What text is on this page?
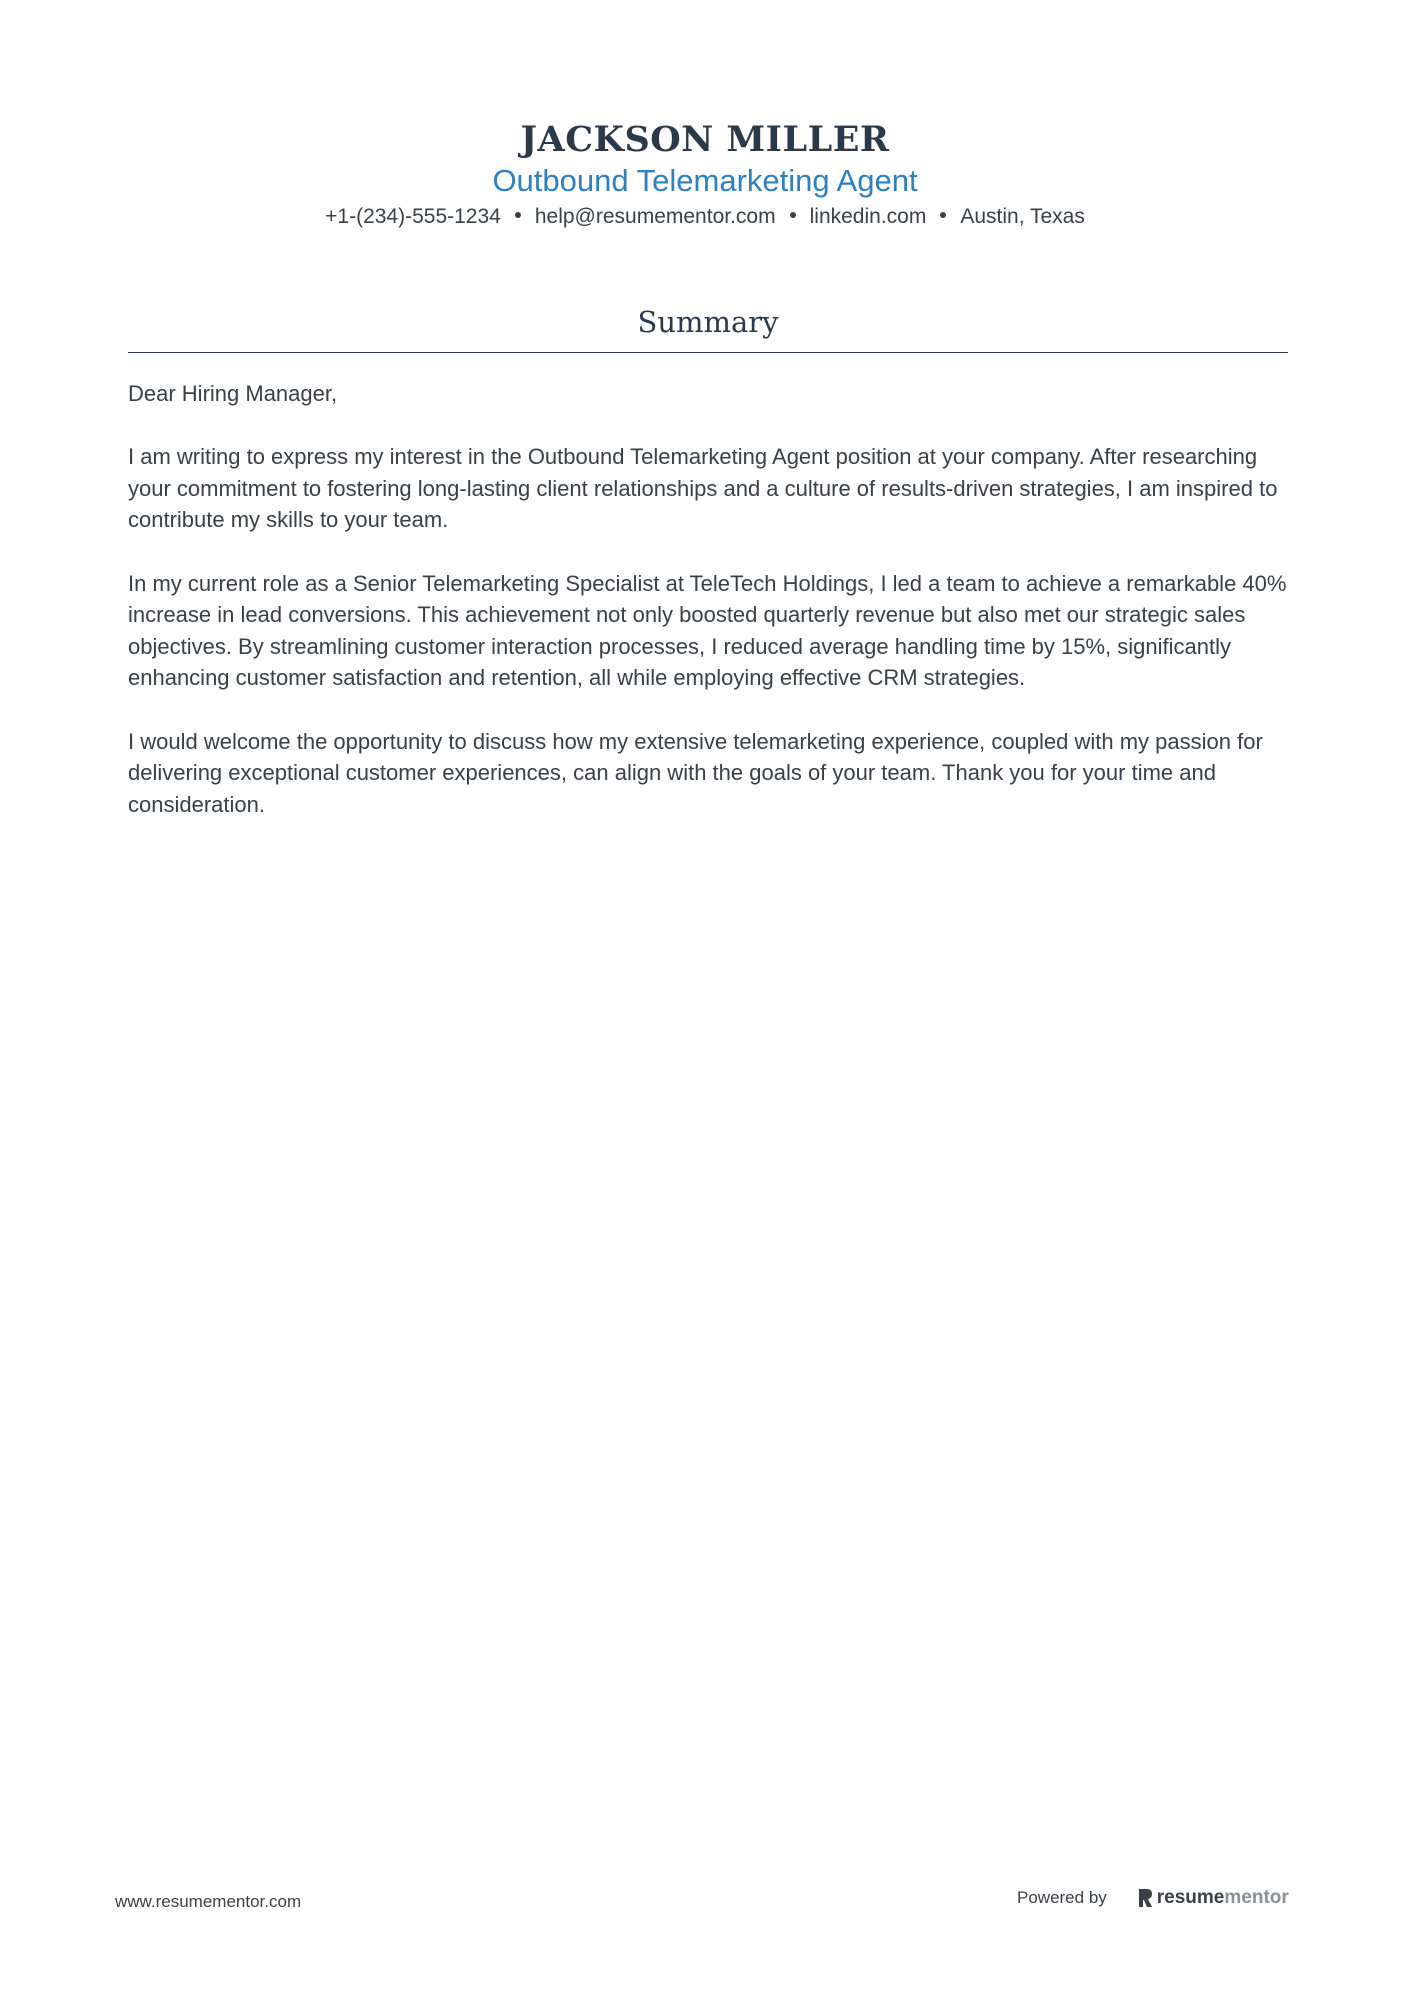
JACKSON MILLER
Outbound Telemarketing Agent
+1-(234)-555-1234 help@resumementor.com linkedin.com Austin, Texas
Summary

Dear Hiring Manager,

I am writing to express my interest in the Outbound Telemarketing Agent position at your company. After researching your commitment to fostering long-lasting client relationships and a culture of results-driven strategies, I am inspired to contribute my skills to your team.

In my current role as a Senior Telemarketing Specialist at TeleTech Holdings, I led a team to achieve a remarkable 40% increase in lead conversions. This achievement not only boosted quarterly revenue but also met our strategic sales objectives. By streamlining customer interaction processes, I reduced average handling time by 15%, significantly enhancing customer satisfaction and retention, all while employing effective CRM strategies.

I would welcome the opportunity to discuss how my extensive telemarketing experience, coupled with my passion for delivering exceptional customer experiences, can align with the goals of your team. Thank you for your time and consideration.

www.resumementor.com	Powered by	resumementor
